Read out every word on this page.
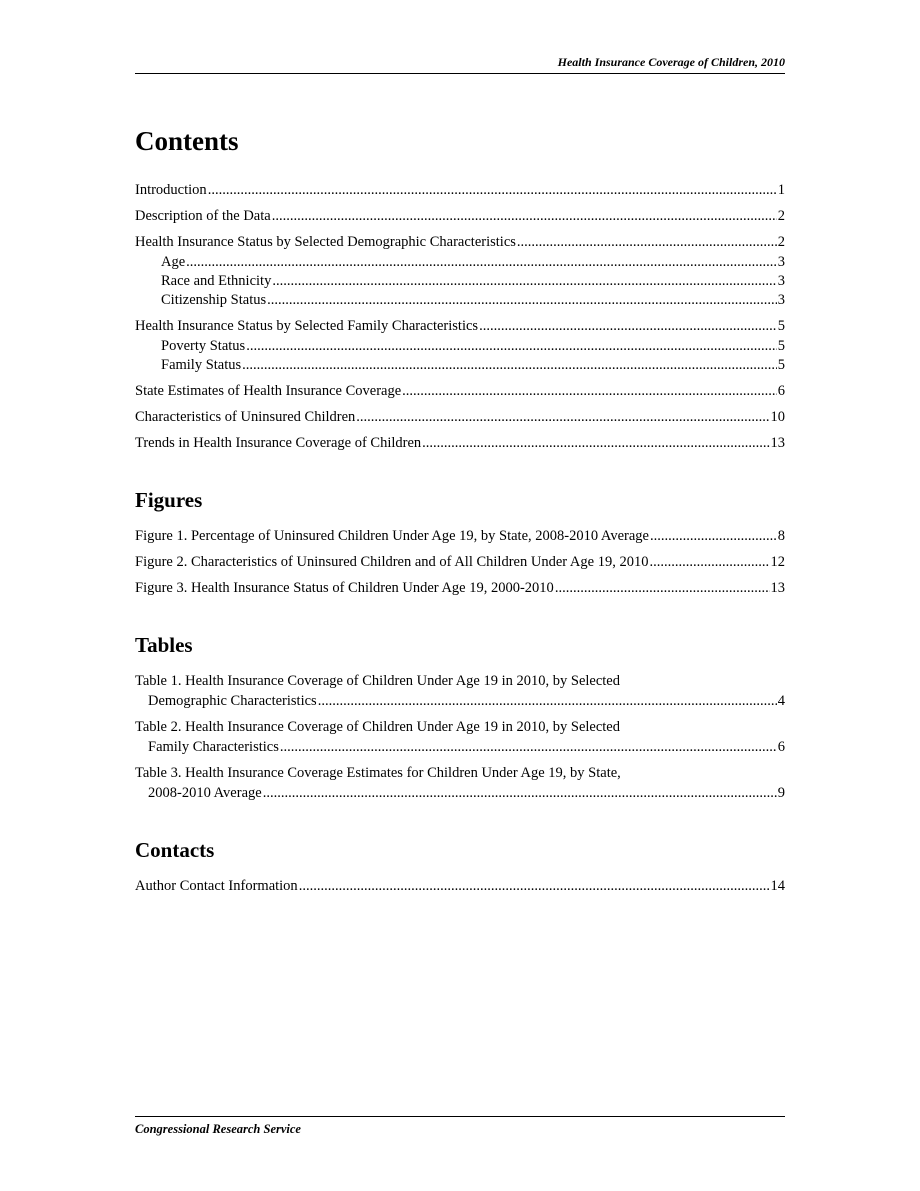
Health Insurance Coverage of Children, 2010
Contents
Introduction .....	1
Description of the Data .....	2
Health Insurance Status by Selected Demographic Characteristics .....	2
Age .....	3
Race and Ethnicity .....	3
Citizenship Status .....	3
Health Insurance Status by Selected Family Characteristics .....	5
Poverty Status .....	5
Family Status .....	5
State Estimates of Health Insurance Coverage .....	6
Characteristics of Uninsured Children .....	10
Trends in Health Insurance Coverage of Children .....	13
Figures
Figure 1. Percentage of Uninsured Children Under Age 19, by State, 2008-2010 Average .....	8
Figure 2. Characteristics of Uninsured Children and of All Children Under Age 19, 2010 .....	12
Figure 3. Health Insurance Status of Children Under Age 19, 2000-2010 .....	13
Tables
Table 1. Health Insurance Coverage of Children Under Age 19 in 2010, by Selected
Demographic Characteristics .....	4
Table 2. Health Insurance Coverage of Children Under Age 19 in 2010, by Selected
Family Characteristics .....	6
Table 3. Health Insurance Coverage Estimates for Children Under Age 19, by State,
2008-2010 Average .....	9
Contacts
Author Contact Information .....	14
Congressional Research Service
